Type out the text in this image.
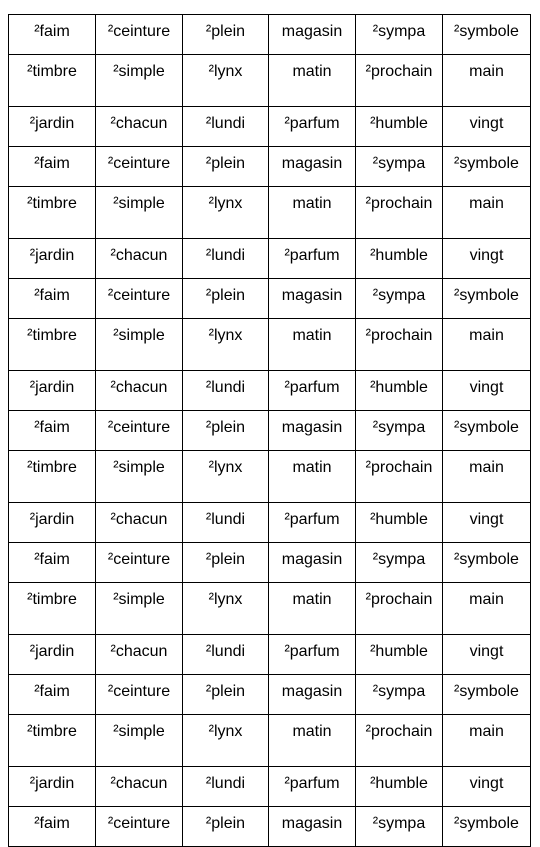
²faim	²ceinture	²plein	magasin	²sympa	²symbole
²timbre	²simple	²lynx	matin	²prochain	main
²jardin	²chacun	²lundi	²parfum	²humble	vingt
²faim	²ceinture	²plein	magasin	²sympa	²symbole
²timbre	²simple	²lynx	matin	²prochain	main
²jardin	²chacun	²lundi	²parfum	²humble	vingt
²faim	²ceinture	²plein	magasin	²sympa	²symbole
²timbre	²simple	²lynx	matin	²prochain	main
²jardin	²chacun	²lundi	²parfum	²humble	vingt
²faim	²ceinture	²plein	magasin	²sympa	²symbole
²timbre	²simple	²lynx	matin	²prochain	main
²jardin	²chacun	²lundi	²parfum	²humble	vingt
²faim	²ceinture	²plein	magasin	²sympa	²symbole
²timbre	²simple	²lynx	matin	²prochain	main
²jardin	²chacun	²lundi	²parfum	²humble	vingt
²faim	²ceinture	²plein	magasin	²sympa	²symbole
²timbre	²simple	²lynx	matin	²prochain	main
²jardin	²chacun	²lundi	²parfum	²humble	vingt
²faim	²ceinture	²plein	magasin	²sympa	²symbole
